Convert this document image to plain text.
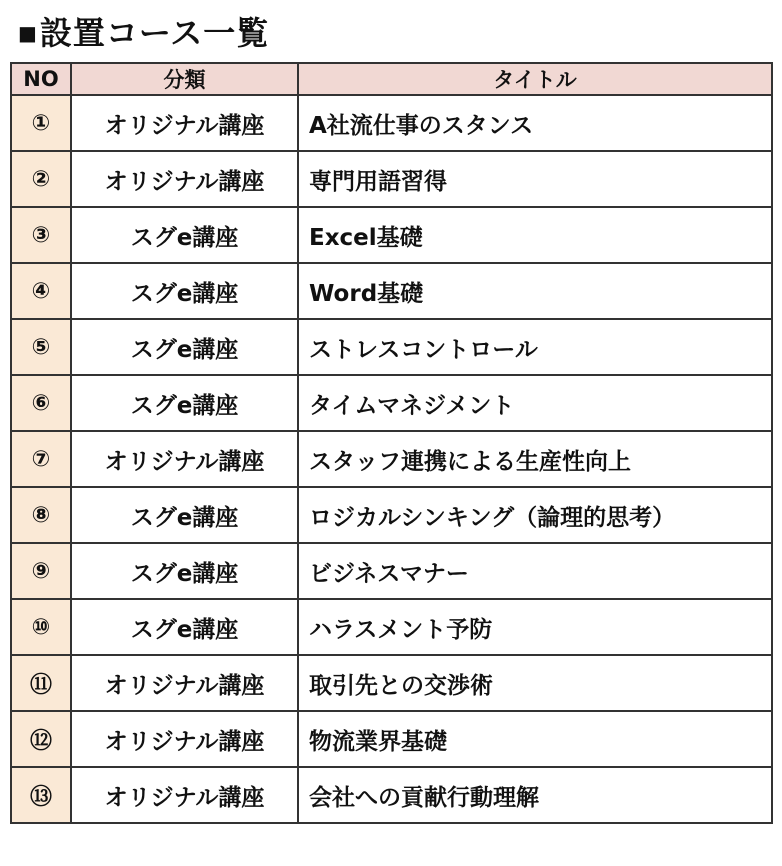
■設置コース一覧
NO	分類	タイトル
①	オリジナル講座	A社流仕事のスタンス
②	オリジナル講座	専門用語習得
③	スグe講座	Excel基礎
④	スグe講座	Word基礎
⑤	スグe講座	ストレスコントロール
⑥	スグe講座	タイムマネジメント
⑦	オリジナル講座	スタッフ連携による生産性向上
⑧	スグe講座	ロジカルシンキング（論理的思考）
⑨	スグe講座	ビジネスマナー
⑩	スグe講座	ハラスメント予防
⑪	オリジナル講座	取引先との交渉術
⑫	オリジナル講座	物流業界基礎
⑬	オリジナル講座	会社への貢献行動理解
